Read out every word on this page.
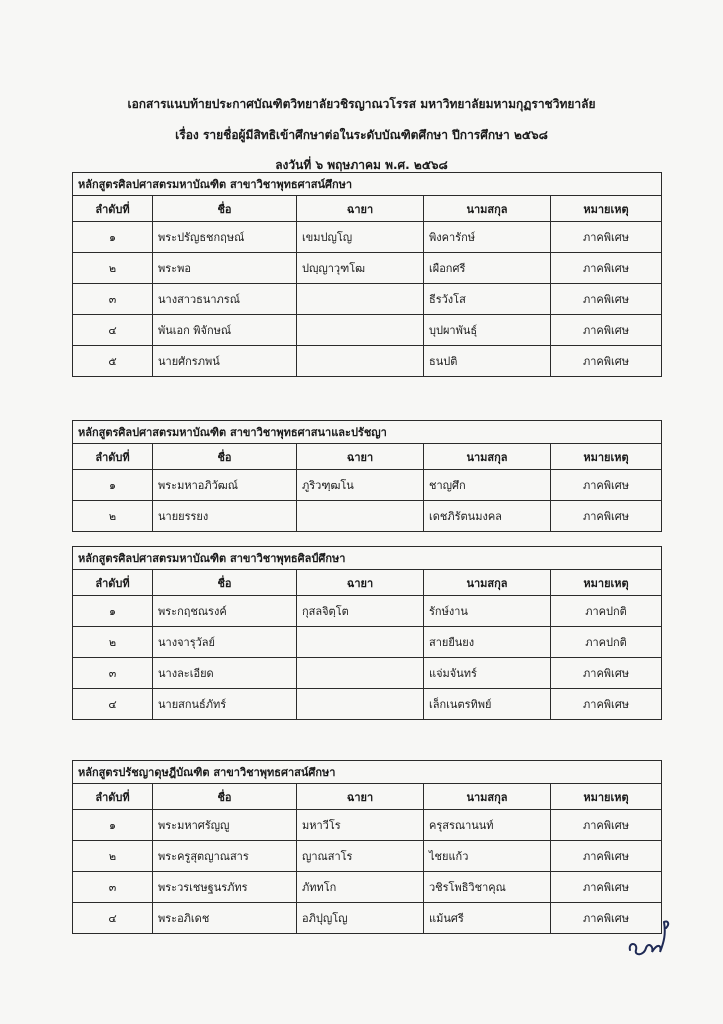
เอกสารแนบท้ายประกาศบัณฑิตวิทยาลัยวชิรญาณวโรรส มหาวิทยาลัยมหามกุฏราชวิทยาลัย
เรื่อง รายชื่อผู้มีสิทธิเข้าศึกษาต่อในระดับบัณฑิตศึกษา ปีการศึกษา ๒๕๖๘
ลงวันที่ ๖ พฤษภาคม พ.ศ. ๒๕๖๘
หลักสูตรศิลปศาสตรมหาบัณฑิต สาขาวิชาพุทธศาสน์ศึกษา				
ลำดับที่	ชื่อ	ฉายา	นามสกุล	หมายเหตุ
๑	พระปรัญธชกฤษณ์	เขมปญโญ	พิงคารักษ์	ภาคพิเศษ
๒	พระพอ	ปญฺญาวุฑโฒ	เผือกศรี	ภาคพิเศษ
๓	นางสาวธนาภรณ์		ธีรวังโส	ภาคพิเศษ
๔	พันเอก พิจักษณ์		บุปผาพันธุ์	ภาคพิเศษ
๕	นายศักรภพน์		ธนปติ	ภาคพิเศษ
หลักสูตรศิลปศาสตรมหาบัณฑิต สาขาวิชาพุทธศาสนาและปรัชญา				
ลำดับที่	ชื่อ	ฉายา	นามสกุล	หมายเหตุ
๑	พระมหาอภิวัฒณ์	ภูริวฑฺฒโน	ชาญศึก	ภาคพิเศษ
๒	นายยรรยง		เดชภิรัตนมงคล	ภาคพิเศษ
หลักสูตรศิลปศาสตรมหาบัณฑิต สาขาวิชาพุทธศิลป์ศึกษา				
ลำดับที่	ชื่อ	ฉายา	นามสกุล	หมายเหตุ
๑	พระกฤชณรงค์	กุสลจิตฺโต	รักษ์งาน	ภาคปกติ
๒	นางจารุวัลย์		สายยืนยง	ภาคปกติ
๓	นางละเอียด		แจ่มจันทร์	ภาคพิเศษ
๔	นายสกนธ์ภัทร์		เล็กเนตรทิพย์	ภาคพิเศษ
หลักสูตรปรัชญาดุษฎีบัณฑิต สาขาวิชาพุทธศาสน์ศึกษา				
ลำดับที่	ชื่อ	ฉายา	นามสกุล	หมายเหตุ
๑	พระมหาศรัญญู	มหาวีโร	ครุสรณานนท์	ภาคพิเศษ
๒	พระครูสุตญาณสาร	ญาณสาโร	ไชยแก้ว	ภาคพิเศษ
๓	พระวรเชษฐนรภัทร	ภัททโก	วชิรโพธิวิชาคุณ	ภาคพิเศษ
๔	พระอภิเดช	อภิปุญโญ	แม้นศรี	ภาคพิเศษ
